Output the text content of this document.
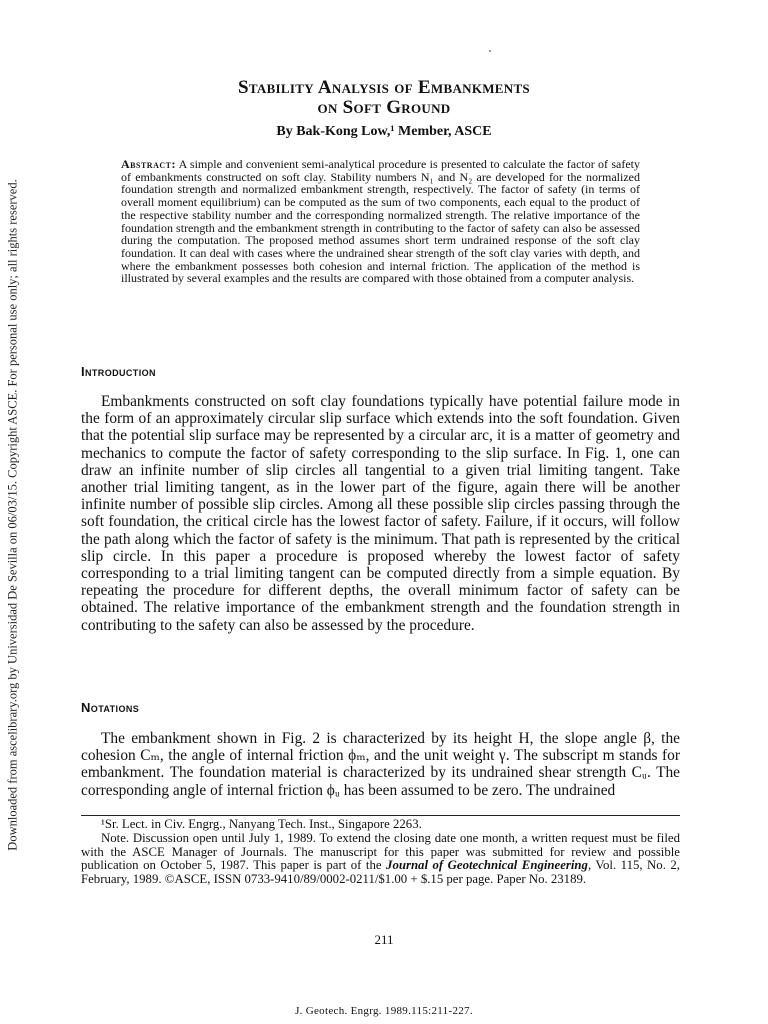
Downloaded from ascelibrary.org by Universidad De Sevilla on 06/03/15. Copyright ASCE. For personal use only; all rights reserved.
Stability Analysis of Embankments
on Soft Ground
By Bak-Kong Low,¹ Member, ASCE
Abstract: A simple and convenient semi-analytical procedure is presented to calculate the factor of safety of embankments constructed on soft clay. Stability numbers N₁ and N₂ are developed for the normalized foundation strength and normalized embankment strength, respectively. The factor of safety (in terms of overall moment equilibrium) can be computed as the sum of two components, each equal to the product of the respective stability number and the corresponding normalized strength. The relative importance of the foundation strength and the embankment strength in contributing to the factor of safety can also be assessed during the computation. The proposed method assumes short term undrained response of the soft clay foundation. It can deal with cases where the undrained shear strength of the soft clay varies with depth, and where the embankment possesses both cohesion and internal friction. The application of the method is illustrated by several examples and the results are compared with those obtained from a computer analysis.
Introduction
Embankments constructed on soft clay foundations typically have potential failure mode in the form of an approximately circular slip surface which extends into the soft foundation. Given that the potential slip surface may be represented by a circular arc, it is a matter of geometry and mechanics to compute the factor of safety corresponding to the slip surface. In Fig. 1, one can draw an infinite number of slip circles all tangential to a given trial limiting tangent. Take another trial limiting tangent, as in the lower part of the figure, again there will be another infinite number of possible slip circles. Among all these possible slip circles passing through the soft foundation, the critical circle has the lowest factor of safety. Failure, if it occurs, will follow the path along which the factor of safety is the minimum. That path is represented by the critical slip circle. In this paper a procedure is proposed whereby the lowest factor of safety corresponding to a trial limiting tangent can be computed directly from a simple equation. By repeating the procedure for different depths, the overall minimum factor of safety can be obtained. The relative importance of the embankment strength and the foundation strength in contributing to the safety can also be assessed by the procedure.
Notations
The embankment shown in Fig. 2 is characterized by its height H, the slope angle β, the cohesion Cₘ, the angle of internal friction ϕₘ, and the unit weight γ. The subscript m stands for embankment. The foundation material is characterized by its undrained shear strength Cᵤ. The corresponding angle of internal friction ϕᵤ has been assumed to be zero. The undrained

¹Sr. Lect. in Civ. Engrg., Nanyang Tech. Inst., Singapore 2263.

Note. Discussion open until July 1, 1989. To extend the closing date one month, a written request must be filed with the ASCE Manager of Journals. The manuscript for this paper was submitted for review and possible publication on October 5, 1987. This paper is part of the Journal of Geotechnical Engineering, Vol. 115, No. 2, February, 1989. ©ASCE, ISSN 0733-9410/89/0002-0211/$1.00 + $.15 per page. Paper No. 23189.

211
J. Geotech. Engrg. 1989.115:211-227.
